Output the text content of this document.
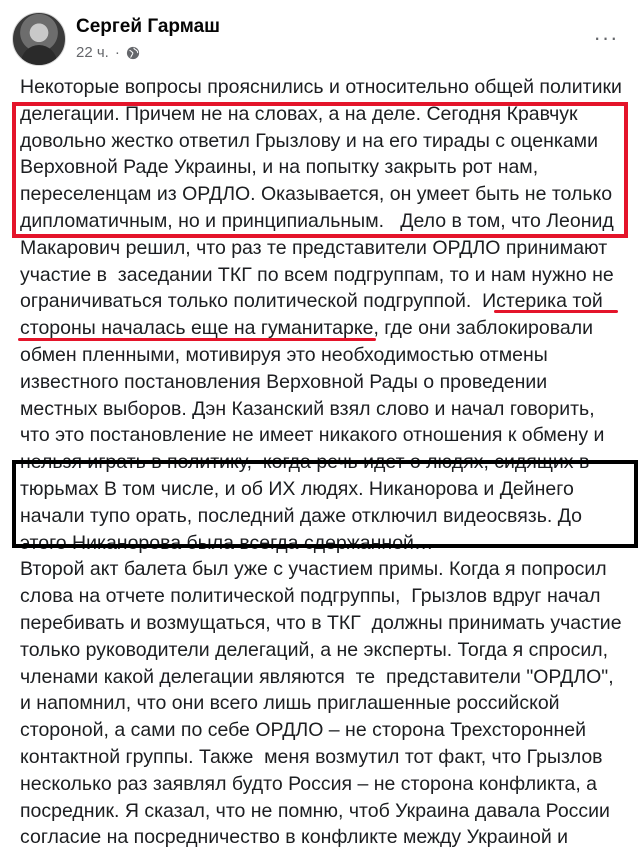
Сергей Гармаш
22 ч. ·
···

Некоторые вопросы прояснились и относительно общей политики делегации. Причем не на словах, а на деле. Сегодня Кравчук довольно жестко ответил Грызлову и на его тирады с оценками Верховной Раде Украины, и на попытку закрыть рот нам, переселенцам из ОРДЛО. Оказывается, он умеет быть не только дипломатичным, но и принципиальным.   Дело в том, что Леонид Макарович решил, что раз те представители ОРДЛО принимают участие в  заседании ТКГ по всем подгруппам, то и нам нужно не ограничиваться только политической подгруппой.  Истерика той стороны началась еще на гуманитарке, где они заблокировали обмен пленными, мотивируя это необходимостью отмены известного постановления Верховной Рады о проведении местных выборов. Дэн Казанский взял слово и начал говорить, что это постановление не имеет никакого отношения к обмену и нельзя играть в политику,  когда речь идет о людях, сидящих в тюрьмах В том числе, и об ИХ людях. Никанорова и Дейнего начали тупо орать, последний даже отключил видеосвязь. До этого Никанорова была всегда сдержанной…

Второй акт балета был уже с участием примы. Когда я попросил слова на отчете политической подгруппы,  Грызлов вдруг начал перебивать и возмущаться, что в ТКГ  должны принимать участие только руководители делегаций, а не эксперты. Тогда я спросил, членами какой делегации являются  те  представители "ОРДЛО",  и напомнил, что они всего лишь приглашенные российской стороной, а сами по себе ОРДЛО – не сторона Трехсторонней контактной группы. Также  меня возмутил тот факт, что Грызлов несколько раз заявлял будто Россия – не сторона конфликта, а посредник. Я сказал, что не помню, чтоб Украина давала России согласие на посредничество в конфликте между Украиной и
